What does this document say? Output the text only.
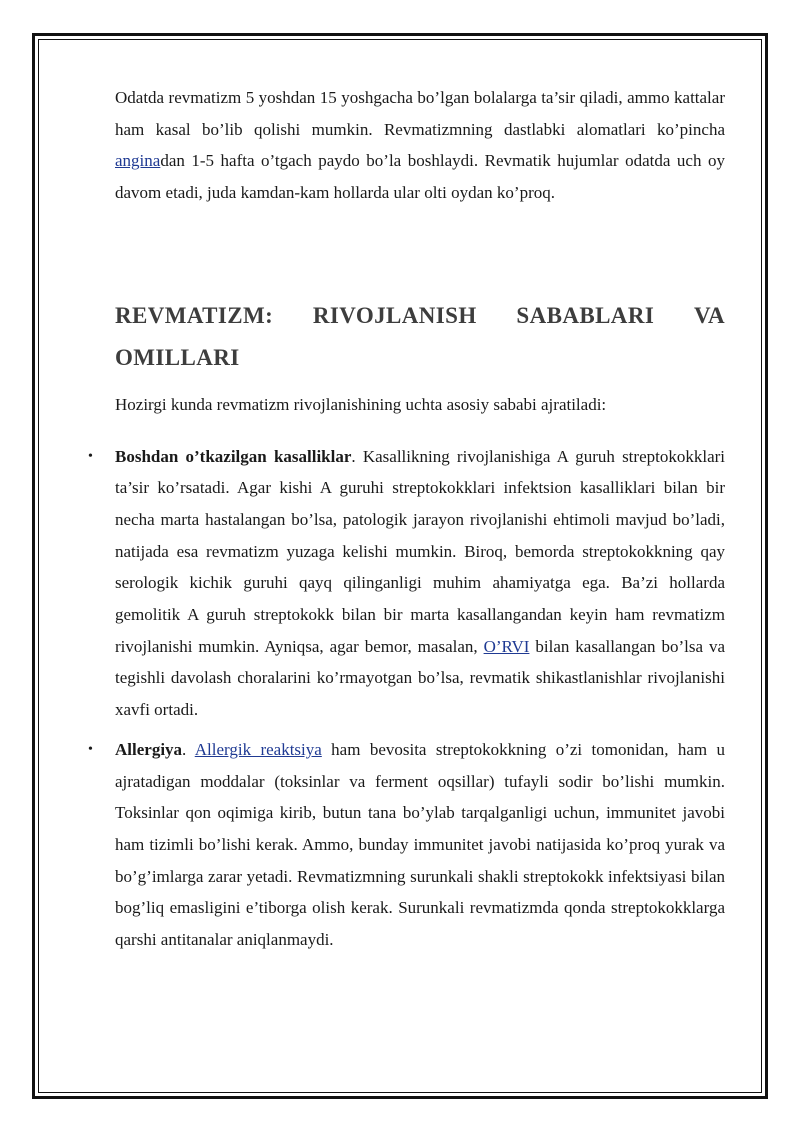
Odatda revmatizm 5 yoshdan 15 yoshgacha bo’lgan bolalarga ta’sir qiladi, ammo kattalar ham kasal bo’lib qolishi mumkin. Revmatizmning dastlabki alomatlari ko’pincha anginadan 1-5 hafta o’tgach paydo bo’la boshlaydi. Revmatik hujumlar odatda uch oy davom etadi, juda kamdan-kam hollarda ular olti oydan ko’proq.

REVMATIZM: RIVOJLANISH SABABLARI VA
OMILLARI

Hozirgi kunda revmatizm rivojlanishining uchta asosiy sababi ajratiladi:

• Boshdan o’tkazilgan kasalliklar. Kasallikning rivojlanishiga A guruh streptokokklari ta’sir ko’rsatadi. Agar kishi A guruhi streptokokklari infektsion kasalliklari bilan bir necha marta hastalangan bo’lsa, patologik jarayon rivojlanishi ehtimoli mavjud bo’ladi, natijada esa revmatizm yuzaga kelishi mumkin. Biroq, bemorda streptokokkning qay serologik kichik guruhi qayq qilinganligi muhim ahamiyatga ega. Ba’zi hollarda gemolitik A guruh streptokokk bilan bir marta kasallangandan keyin ham revmatizm rivojlanishi mumkin. Ayniqsa, agar bemor, masalan, O’RVI bilan kasallangan bo’lsa va tegishli davolash choralarini ko’rmayotgan bo’lsa, revmatik shikastlanishlar rivojlanishi xavfi ortadi.

• Allergiya. Allergik reaktsiya ham bevosita streptokokkning o’zi tomonidan, ham u ajratadigan moddalar (toksinlar va ferment oqsillar) tufayli sodir bo’lishi mumkin. Toksinlar qon oqimiga kirib, butun tana bo’ylab tarqalganligi uchun, immunitet javobi ham tizimli bo’lishi kerak. Ammo, bunday immunitet javobi natijasida ko’proq yurak va bo’g’imlarga zarar yetadi. Revmatizmning surunkali shakli streptokokk infektsiyasi bilan bog’liq emasligini e’tiborga olish kerak. Surunkali revmatizmda qonda streptokokklarga qarshi antitanalar aniqlanmaydi.
